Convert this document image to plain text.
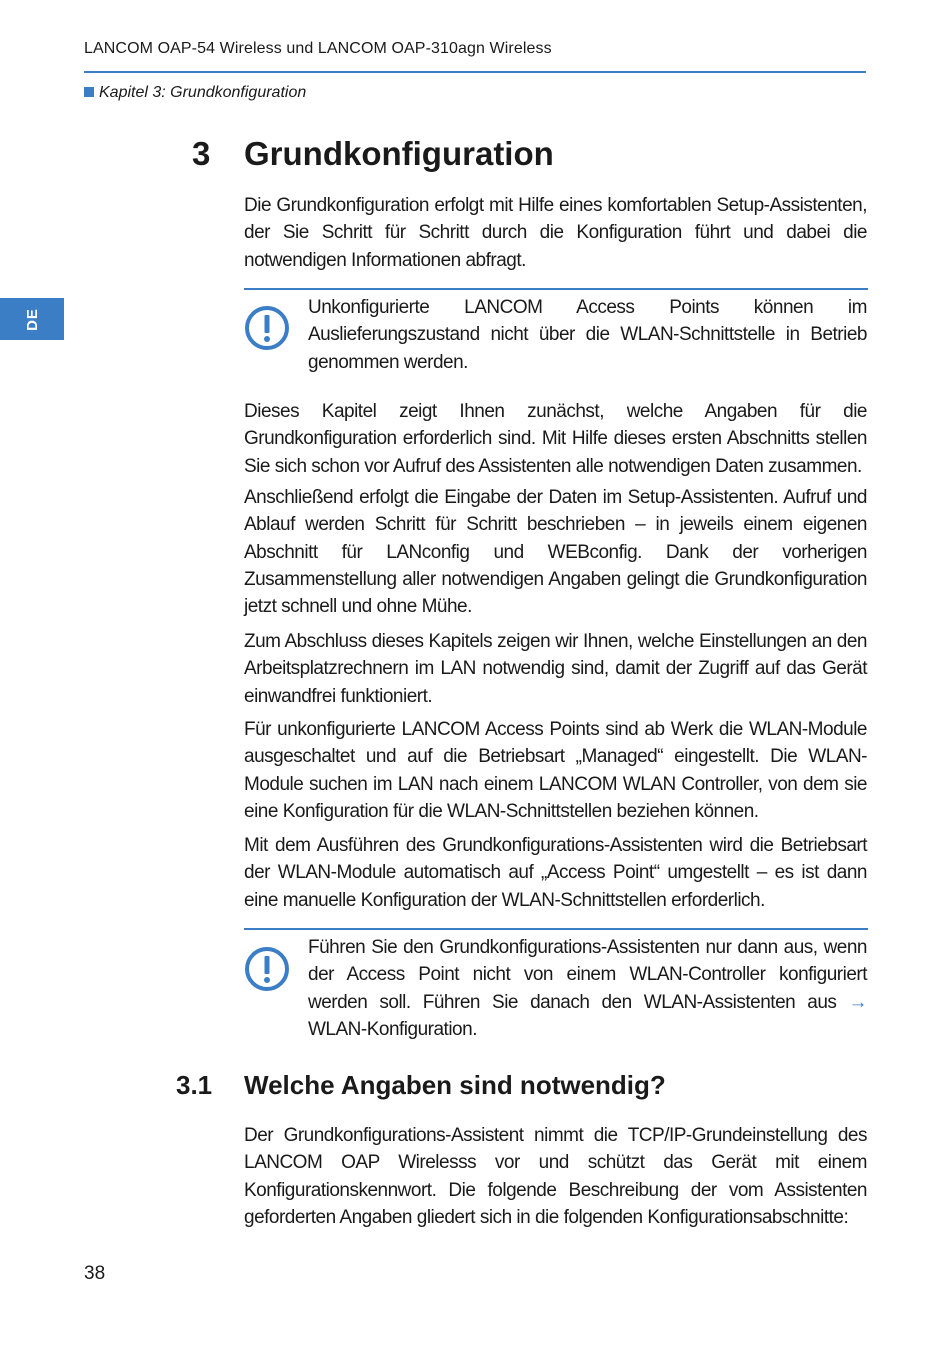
LANCOM OAP-54 Wireless und LANCOM OAP-310agn Wireless
Kapitel 3: Grundkonfiguration
DE
3 Grundkonfiguration

Die Grundkonfiguration erfolgt mit Hilfe eines komfortablen Setup-Assistenten, der Sie Schritt für Schritt durch die Konfiguration führt und dabei die notwendigen Informationen abfragt.

Unkonfigurierte LANCOM Access Points können im Auslieferungszustand nicht über die WLAN-Schnittstelle in Betrieb genommen werden.

Dieses Kapitel zeigt Ihnen zunächst, welche Angaben für die Grundkonfiguration erforderlich sind. Mit Hilfe dieses ersten Abschnitts stellen Sie sich schon vor Aufruf des Assistenten alle notwendigen Daten zusammen.

Anschließend erfolgt die Eingabe der Daten im Setup-Assistenten. Aufruf und Ablauf werden Schritt für Schritt beschrieben – in jeweils einem eigenen Abschnitt für LANconfig und WEBconfig. Dank der vorherigen Zusammenstellung aller notwendigen Angaben gelingt die Grundkonfiguration jetzt schnell und ohne Mühe.

Zum Abschluss dieses Kapitels zeigen wir Ihnen, welche Einstellungen an den Arbeitsplatzrechnern im LAN notwendig sind, damit der Zugriff auf das Gerät einwandfrei funktioniert.

Für unkonfigurierte LANCOM Access Points sind ab Werk die WLAN-Module ausgeschaltet und auf die Betriebsart „Managed“ eingestellt. Die WLAN-Module suchen im LAN nach einem LANCOM WLAN Controller, von dem sie eine Konfiguration für die WLAN-Schnittstellen beziehen können.

Mit dem Ausführen des Grundkonfigurations-Assistenten wird die Betriebsart der WLAN-Module automatisch auf „Access Point“ umgestellt – es ist dann eine manuelle Konfiguration der WLAN-Schnittstellen erforderlich.

Führen Sie den Grundkonfigurations-Assistenten nur dann aus, wenn der Access Point nicht von einem WLAN-Controller konfiguriert werden soll. Führen Sie danach den WLAN-Assistenten aus → WLAN-Konfiguration.

3.1 Welche Angaben sind notwendig?

Der Grundkonfigurations-Assistent nimmt die TCP/IP-Grundeinstellung des LANCOM OAP Wirelesss vor und schützt das Gerät mit einem Konfigurationskennwort. Die folgende Beschreibung der vom Assistenten geforderten Angaben gliedert sich in die folgenden Konfigurationsabschnitte:

38
